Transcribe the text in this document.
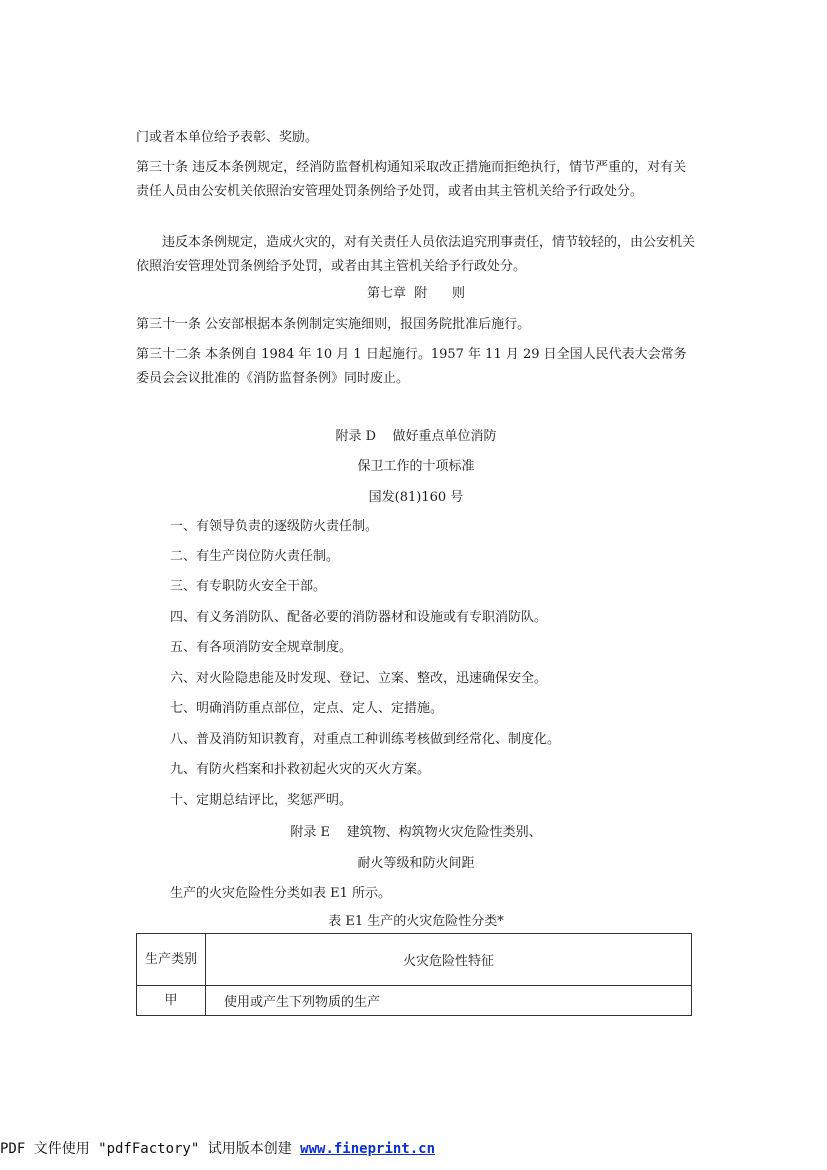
门或者本单位给予表彰、奖励。

第三十条 违反本条例规定，经消防监督机构通知采取改正措施而拒绝执行，情节严重的，对有关责任人员由公安机关依照治安管理处罚条例给予处罚，或者由其主管机关给予行政处分。

违反本条例规定，造成火灾的，对有关责任人员依法追究刑事责任，情节较轻的，由公安机关依照治安管理处罚条例给予处罚，或者由其主管机关给予行政处分。

第七章  附      则

第三十一条 公安部根据本条例制定实施细则，报国务院批准后施行。

第三十二条 本条例自 1984 年 10 月 1 日起施行。1957 年 11 月 29 日全国人民代表大会常务委员会会议批准的《消防监督条例》同时废止。

附录 D    做好重点单位消防

保卫工作的十项标准

国发(81)160 号

一、有领导负责的逐级防火责任制。

二、有生产岗位防火责任制。

三、有专职防火安全干部。

四、有义务消防队、配备必要的消防器材和设施或有专职消防队。

五、有各项消防安全规章制度。

六、对火险隐患能及时发现、登记、立案、整改，迅速确保安全。

七、明确消防重点部位，定点、定人、定措施。

八、普及消防知识教育，对重点工种训练考核做到经常化、制度化。

九、有防火档案和扑救初起火灾的灭火方案。

十、定期总结评比，奖惩严明。

附录 E    建筑物、构筑物火灾危险性类别、

耐火等级和防火间距

生产的火灾危险性分类如表 E1 所示。

表 E1 生产的火灾危险性分类*

生产类别	火灾危险性特征
甲	使用或产生下列物质的生产
PDF 文件使用 "pdfFactory" 试用版本创建 www.fineprint.cn
